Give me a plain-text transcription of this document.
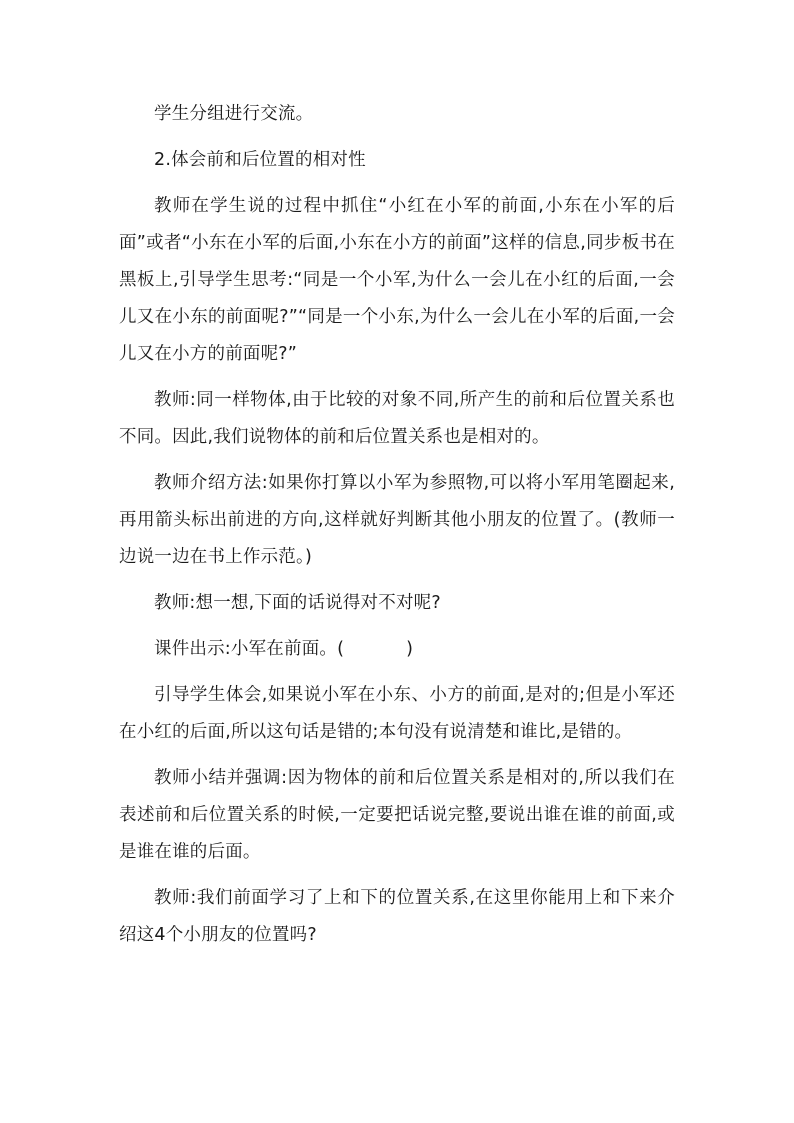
学生分组进行交流。

2.体会前和后位置的相对性

教师在学生说的过程中抓住“小红在小军的前面,小东在小军的后面”或者“小东在小军的后面,小东在小方的前面”这样的信息,同步板书在黑板上,引导学生思考:“同是一个小军,为什么一会儿在小红的后面,一会儿又在小东的前面呢?”“同是一个小东,为什么一会儿在小军的后面,一会儿又在小方的前面呢?”

教师:同一样物体,由于比较的对象不同,所产生的前和后位置关系也不同。因此,我们说物体的前和后位置关系也是相对的。

教师介绍方法:如果你打算以小军为参照物,可以将小军用笔圈起来,再用箭头标出前进的方向,这样就好判断其他小朋友的位置了。(教师一边说一边在书上作示范。)

教师:想一想,下面的话说得对不对呢?

课件出示:小军在前面。(	)

引导学生体会,如果说小军在小东、小方的前面,是对的;但是小军还在小红的后面,所以这句话是错的;本句没有说清楚和谁比,是错的。

教师小结并强调:因为物体的前和后位置关系是相对的,所以我们在表述前和后位置关系的时候,一定要把话说完整,要说出谁在谁的前面,或是谁在谁的后面。

教师:我们前面学习了上和下的位置关系,在这里你能用上和下来介绍这4个小朋友的位置吗?
